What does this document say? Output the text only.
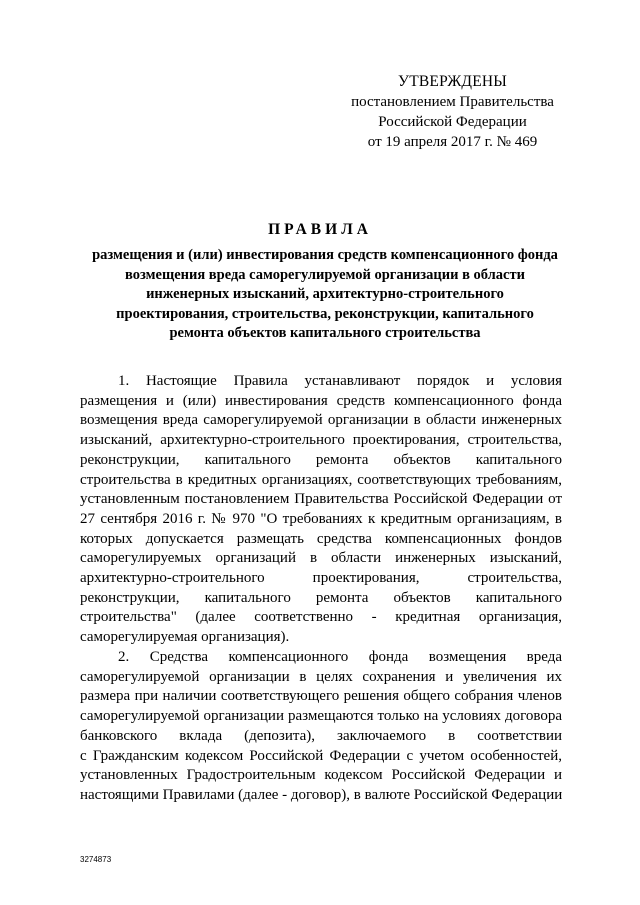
УТВЕРЖДЕНЫ
постановлением Правительства
Российской Федерации
от 19 апреля 2017 г. № 469
ПРАВИЛА
размещения и (или) инвестирования средств компенсационного фонда
возмещения вреда саморегулируемой организации в области
инженерных изысканий, архитектурно-строительного
проектирования, строительства, реконструкции, капитального
ремонта объектов капитального строительства
1. Настоящие Правила устанавливают порядок и условия
размещения и (или) инвестирования средств компенсационного фонда
возмещения вреда саморегулируемой организации в области инженерных
изысканий, архитектурно-строительного проектирования, строительства,
реконструкции, капитального ремонта объектов капитального
строительства в кредитных организациях, соответствующих требованиям,
установленным постановлением Правительства Российской Федерации от
27 сентября 2016 г. № 970 "О требованиях к кредитным организациям, в
которых допускается размещать средства компенсационных фондов
саморегулируемых организаций в области инженерных изысканий,
архитектурно-строительного проектирования, строительства,
реконструкции, капитального ремонта объектов капитального
строительства" (далее соответственно - кредитная организация,
саморегулируемая организация).
2. Средства компенсационного фонда возмещения вреда
саморегулируемой организации в целях сохранения и увеличения их
размера при наличии соответствующего решения общего собрания членов
саморегулируемой организации размещаются только на условиях договора
банковского вклада (депозита), заключаемого в соответствии
с Гражданским кодексом Российской Федерации с учетом особенностей,
установленных Градостроительным кодексом Российской Федерации и
настоящими Правилами (далее - договор), в валюте Российской Федерации
3274873
